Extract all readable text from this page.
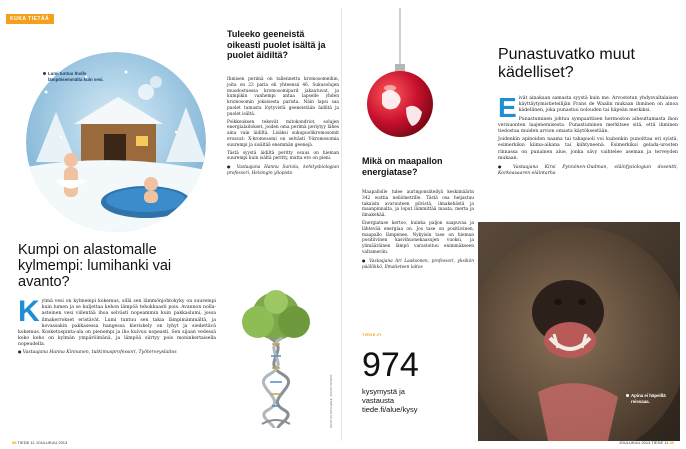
KUKA TIETÄÄ
Lumi tuntuu tholle lämpöisemmälta kuin vesi.
Kumpi on alastomalle kylmempi: lumihanki vai avanto?
K ylmä vesi on kylmempi kokemus, sillä sen lämmönjohtokyky on suurempi kuin lumen ja se kuljettaa kehon lämpöä tehokkaasti pois. Avannon nolla-asteinen vesi viilentää ihoa selvästi nopeammin kuin pakkaslumi, jossa ilmakerrokset eristävät. Lumi tuntuu sen takia lämpimämmältä, ja kovassakin pakkasessa hangessa kieriskely on lyhyt ja siedettävä kokemus. Kosketuspinta-ala on pienempi ja iho kuivuu nopeasti. Sen sijaan vedessä koko keho on kylmän ympäröimänä, ja lämpöä siirtyy pois moninkertaisella nopeudella.
● Vastaajana Hanna Kinnunen, tutkimusprofessori, Työterveyslaitos
Tuleeko geeneistä oikeasti puolet isältä ja puolet äidiltä?

Ihmisen perimä on tallennettu kromosomeihin, joita on 23 paria eli yhteensä 46. Sukusolujen muodostuessa kromosomiparit jakautuvat, ja kumpikin vanhempi antaa lapselle yhden kromosomin jokaisesta parista. Näin lapsi saa puolet tumasta löytyvistä geeneistään äidiltä ja puolet isältä.

Poikkeuksen tekevät mitokondriot, solujen energialaitokset, joiden oma perimä periytyy lähes aina vain äidiltä. Lisäksi sukupuolikromosomit eroavat: X-kromosomi on selvästi Y-kromosomia suurempi ja sisältää enemmän geenejä.

Tästä syystä äidiltä peritty osuus on hieman suurempi kuin isältä peritty, mutta ero on pieni.

● Vastaajana Hannu Sariola, kehitysbiologian professori, Helsingin yliopisto

KUVITUS SUVI WAHL, KUVAT ISTOCK
58 TIEDE 11 JOULUKUU 2013
Mikä on maapallon energiatase?

Maapallolle tulee auringonsäteilyä keskimäärin 342 wattia neliömetrille. Tästä osa heijastuu takaisin avaruuteen pilvistä, ilmakehästä ja maanpinnalta, ja loput lämmittää maata, merta ja ilmakehää.

Energiatase kertoo, kuinka paljon saapuvaa ja lähtevää energiaa on. Jos tase on positiivinen, maapallo lämpenee. Nykyisin tase on hieman positiivinen kasvihuonekaasujen vuoksi, ja ylimääräinen lämpö varastoituu enimmäkseen valtameriin.

● Vastaajana Ari Laaksonen, professori, yksikön päällikkö, Ilmatieteen laitos

TIEDE.FI
974
kysymystä ja
vastausta
tiede.fi/alue/kysy
Punastuvatko muut kädelliset?
E ivät ainakaan samasta syystä kuin me. Arvostetun yhdysvaltalaisen käyttäytymistieteilijän Frans de Waalin mukaan ihminen on ainoa kädellinen, joka punastuu nolouden tai häpeän merkiksi.

Punastuminen johtuu sympaattisen hermoston aiheuttamasta ihon verisuonten laajenemisesta. Punastuminen merkitsee sitä, että ihminen tiedostaa muiden arvion omasta käytöksestään.

Joidenkin apinoiden naama tai takapuoli voi kuitenkin punoittaa eri syistä, esimerkiksi kiima-aikana tai kiihtyneenä. Esimerkiksi gelada-urosten rinnassa on punainen alue, jonka sävy vaihtelee aseman ja terveyden mukaan.

● Vastaajana Kirsi Pynnönen-Oudman, eläinfysiologian dosentti, Korkeasaaren eläintarha

Apina ei häpeillä reissaaa.
JOULUKUU 2013 TIEDE 11 59
